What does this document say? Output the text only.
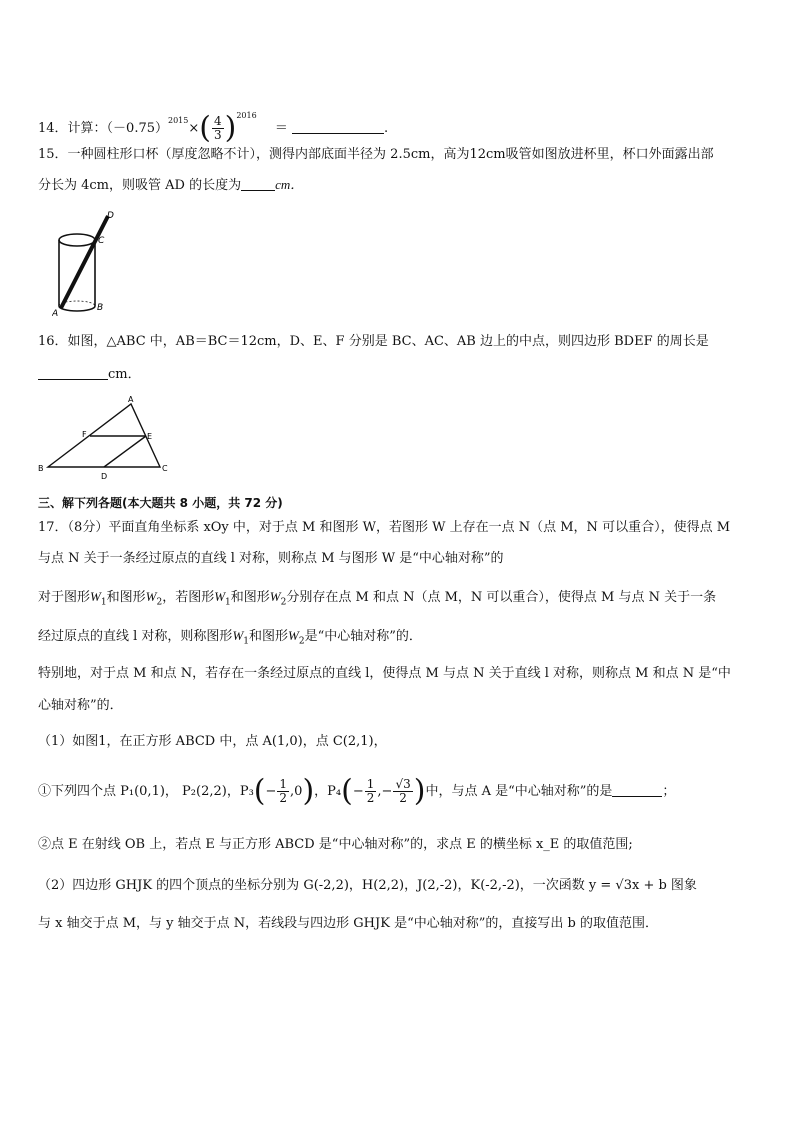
14．计算：$(-0.75)^{2015}\times( \frac{4}{3} )^{2016}$ ＝	.
15．一种圆柱形口杯（厚度忽略不计），测得内部底面半径为 2.5cm，高为12cm吸管如图放进杯里，杯口外面露出部
分长为 4cm，则吸管 AD 的长度为	cm．
D
C
A
B
16．如图，△ABC 中，AB＝BC＝12cm，D、E、F 分别是 BC、AC、AB 边上的中点，则四边形 BDEF 的周长是
cm．
A
F	E
B
D
C
三、解下列各题(本大题共 8 小题，共 72 分)
17．（8分）平面直角坐标系 xOy 中，对于点 M 和图形 W，若图形 W 上存在一点 N（点 M，N 可以重合），使得点 M
与点 N 关于一条经过原点的直线 l 对称，则称点 M 与图形 W 是“中心轴对称”的
对于图形$W_1$和图形$W_2$，若图形$W_1$和图形$W_2$分别存在点 M 和点 N（点 M，N 可以重合），使得点 M 与点 N 关于一条
经过原点的直线 l 对称，则称图形$W_1$和图形$W_2$是“中心轴对称”的．
特别地，对于点 M 和点 N，若存在一条经过原点的直线 l，使得点 M 与点 N 关于直线 l 对称，则称点 M 和点 N 是“中
心轴对称”的．
（1）如图1，在正方形 ABCD 中，点 A(1,0)，点 C(2,1)，
①下列四个点 P₁(0,1)， P₂(2,2)，$P_3(- \frac{1}{2} ,0)$，$P_4(- \frac{1}{2}$ ,− $\frac{√3}{2}$ )中，与点 A 是“中心轴对称”的是	；
②点 E 在射线 OB 上，若点 E 与正方形 ABCD 是“中心轴对称”的，求点 E 的横坐标 x_E 的取值范围;
（2）四边形 GHJK 的四个顶点的坐标分别为 G(-2,2)，H(2,2)，J(2,-2)，K(-2,-2)，一次函数 y = √3x + b 图象
与 x 轴交于点 M，与 y 轴交于点 N，若线段与四边形 GHJK 是“中心轴对称”的，直接写出 b 的取值范围．
